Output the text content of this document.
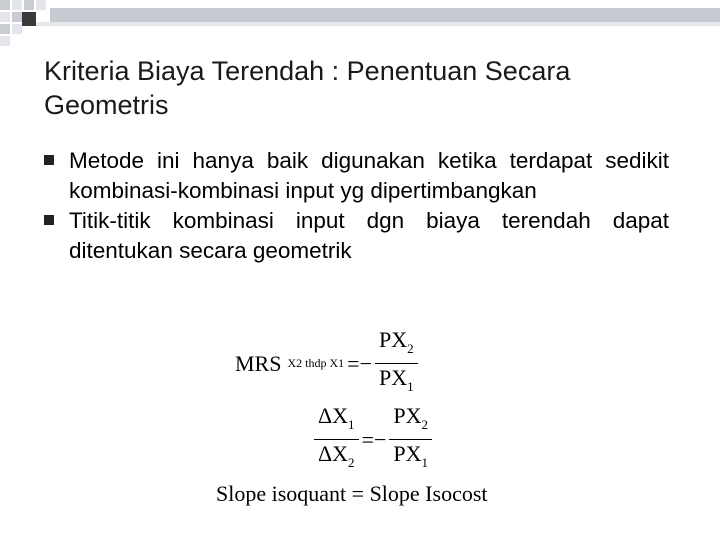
Kriteria Biaya Terendah : Penentuan Secara Geometris
Metode ini hanya baik digunakan ketika terdapat sedikit kombinasi-kombinasi input yg dipertimbangkan
Titik-titik kombinasi input dgn biaya terendah dapat ditentukan secara geometrik
MRS X2 thdp $X1 =- \frac{PX_2}{PX_1}$
$\frac{\Delta X_1}{\Delta X_2} =- \frac{PX_2}{PX_1}$
Slope isoquant = Slope Isocost
